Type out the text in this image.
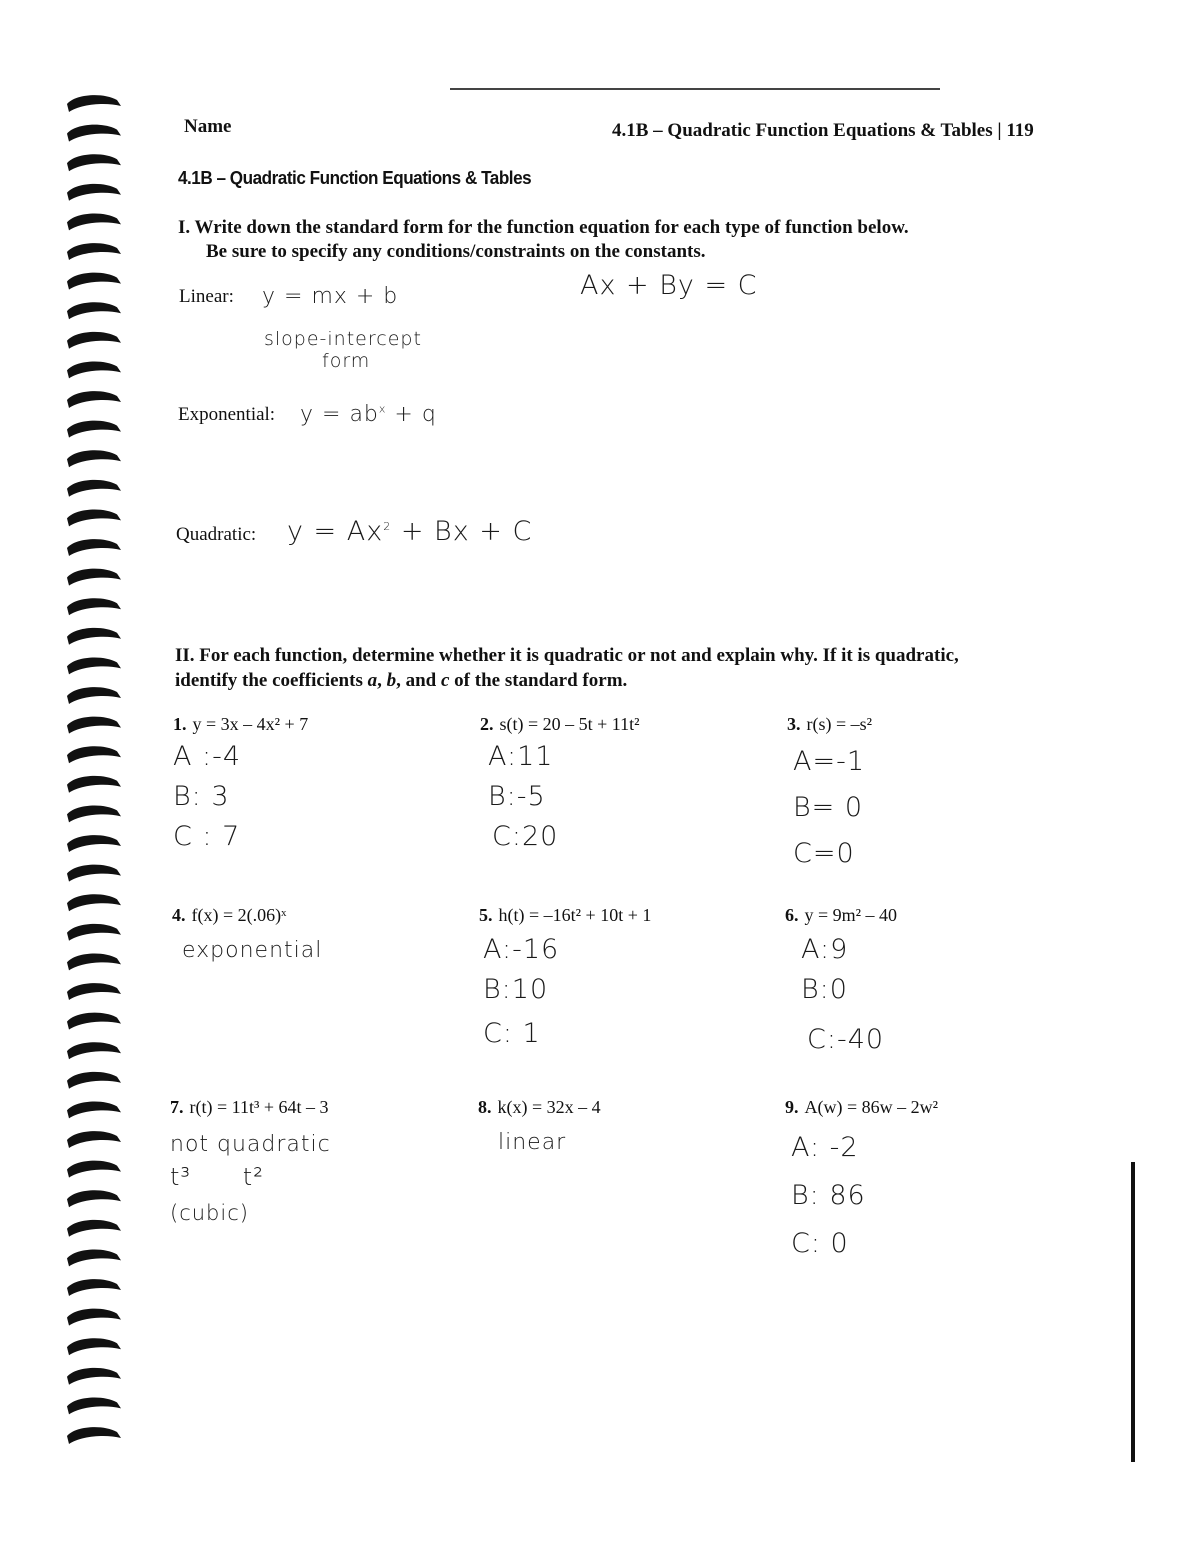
Name	4.1B – Quadratic Function Equations & Tables | 119
4.1B – Quadratic Function Equations & Tables
I. Write down the standard form for the function equation for each type of function below.
Be sure to specify any conditions/constraints on the constants.
Linear: y = mx + b
slope-intercept
form
Ax + By = C
Exponential: $y = ab^x + q$
Quadratic: $y = Ax^2 + Bx + C$
II. For each function, determine whether it is quadratic or not and explain why. If it is quadratic,
identify the coefficients a, b, and c of the standard form.
1. y = 3x – 4x² + 7
A :-4
B: 3
C : 7
2. s(t) = 20 – 5t + 11t²
A:11
B:-5
C:20
3. r(s) = –s²
A=-1
B= 0
C=0
4. f(x) = 2(.06)ˣ
exponential
5. h(t) = –16t² + 10t + 1
A:-16
B:10
C: 1
6. y = 9m² – 40
A:9
B:0
C:-40
7. r(t) = 11t³ + 64t – 3
not quadratic
t³      t²
(cubic)
8. k(x) = 32x – 4
linear
9. A(w) = 86w – 2w²
A: -2
B: 86
C: 0
